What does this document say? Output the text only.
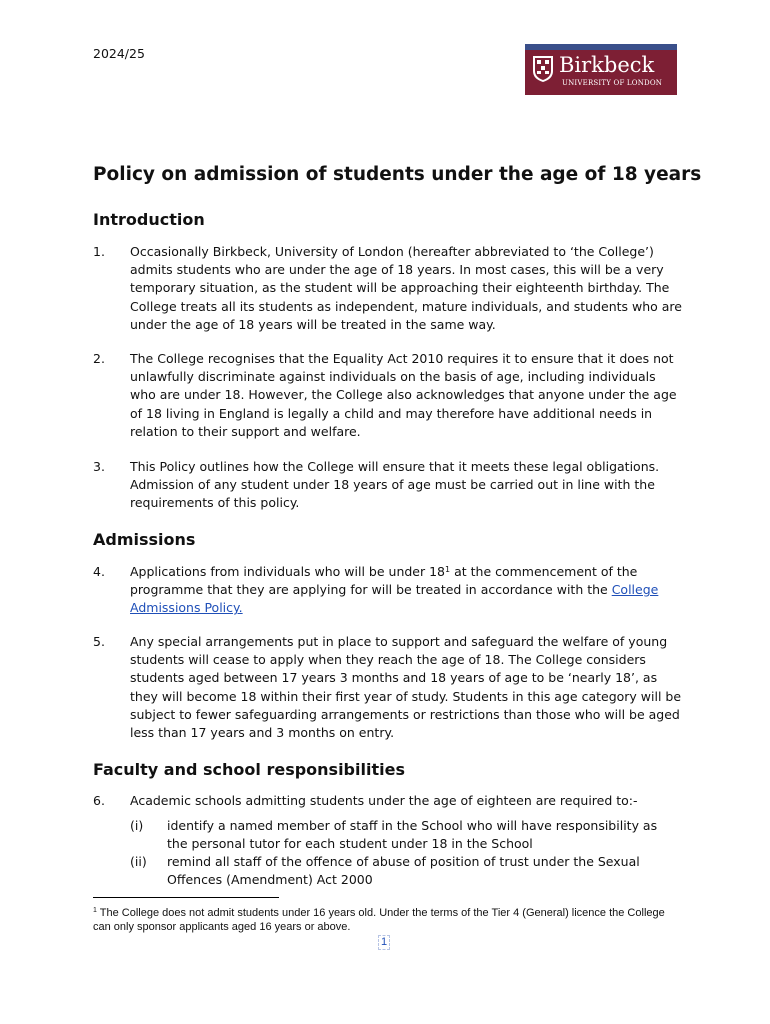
2024/25	Birkbeck
UNIVERSITY OF LONDON
Policy on admission of students under the age of 18 years
Introduction
1. Occasionally Birkbeck, University of London (hereafter abbreviated to ‘the College’) admits students who are under the age of 18 years. In most cases, this will be a very temporary situation, as the student will be approaching their eighteenth birthday. The College treats all its students as independent, mature individuals, and students who are under the age of 18 years will be treated in the same way.
2. The College recognises that the Equality Act 2010 requires it to ensure that it does not unlawfully discriminate against individuals on the basis of age, including individuals who are under 18. However, the College also acknowledges that anyone under the age of 18 living in England is legally a child and may therefore have additional needs in relation to their support and welfare.
3. This Policy outlines how the College will ensure that it meets these legal obligations. Admission of any student under 18 years of age must be carried out in line with the requirements of this policy.
Admissions
4. Applications from individuals who will be under $18^1$ at the commencement of the programme that they are applying for will be treated in accordance with the College Admissions Policy.
5. Any special arrangements put in place to support and safeguard the welfare of young students will cease to apply when they reach the age of 18. The College considers students aged between 17 years 3 months and 18 years of age to be ‘nearly 18’, as they will become 18 within their first year of study. Students in this age category will be subject to fewer safeguarding arrangements or restrictions than those who will be aged less than 17 years and 3 months on entry.
Faculty and school responsibilities
6. Academic schools admitting students under the age of eighteen are required to:-
(i) identify a named member of staff in the School who will have responsibility as the personal tutor for each student under 18 in the School
(ii) remind all staff of the offence of abuse of position of trust under the Sexual Offences (Amendment) Act 2000
$^1$ The College does not admit students under 16 years old. Under the terms of the Tier 4 (General) licence the College can only sponsor applicants aged 16 years or above.
1
